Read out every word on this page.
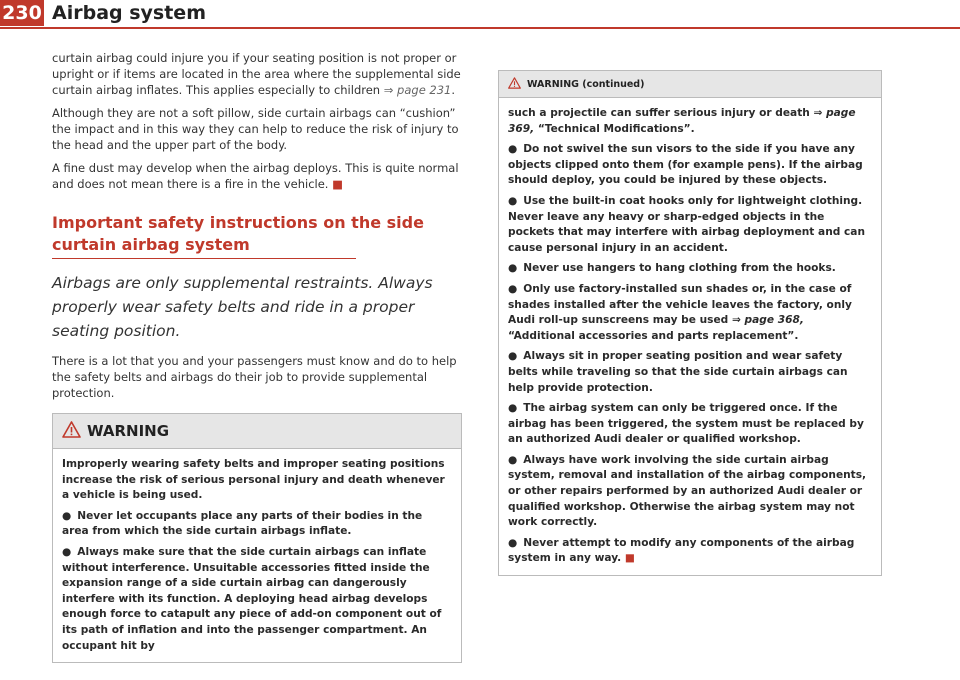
230 Airbag system

curtain airbag could injure you if your seating position is not proper or upright or if items are located in the area where the supplemental side curtain airbag inflates. This applies especially to children ⇒ page 231.

Although they are not a soft pillow, side curtain airbags can “cushion” the impact and in this way they can help to reduce the risk of injury to the head and the upper part of the body.

A fine dust may develop when the airbag deploys. This is quite normal and does not mean there is a fire in the vehicle. ■

Important safety instructions on the side curtain airbag system

Airbags are only supplemental restraints. Always properly wear safety belts and ride in a proper seating position.

There is a lot that you and your passengers must know and do to help the safety belts and airbags do their job to provide supplemental protection.

WARNING

Improperly wearing safety belts and improper seating positions increase the risk of serious personal injury and death whenever a vehicle is being used.

● Never let occupants place any parts of their bodies in the area from which the side curtain airbags inflate.

● Always make sure that the side curtain airbags can inflate without interference. Unsuitable accessories fitted inside the expansion range of a side curtain airbag can dangerously interfere with its function. A deploying head airbag develops enough force to catapult any piece of add-on component out of its path of inflation and into the passenger compartment. An occupant hit by

WARNING (continued)

such a projectile can suffer serious injury or death ⇒ page 369, “Technical Modifications”.

● Do not swivel the sun visors to the side if you have any objects clipped onto them (for example pens). If the airbag should deploy, you could be injured by these objects.

● Use the built-in coat hooks only for lightweight clothing. Never leave any heavy or sharp-edged objects in the pockets that may interfere with airbag deployment and can cause personal injury in an accident.

● Never use hangers to hang clothing from the hooks.

● Only use factory-installed sun shades or, in the case of shades installed after the vehicle leaves the factory, only Audi roll-up sunscreens may be used ⇒ page 368, “Additional accessories and parts replacement”.

● Always sit in proper seating position and wear safety belts while traveling so that the side curtain airbags can help provide protection.

● The airbag system can only be triggered once. If the airbag has been triggered, the system must be replaced by an authorized Audi dealer or qualified workshop.

● Always have work involving the side curtain airbag system, removal and installation of the airbag components, or other repairs performed by an authorized Audi dealer or qualified workshop. Otherwise the airbag system may not work correctly.

● Never attempt to modify any components of the airbag system in any way. ■
